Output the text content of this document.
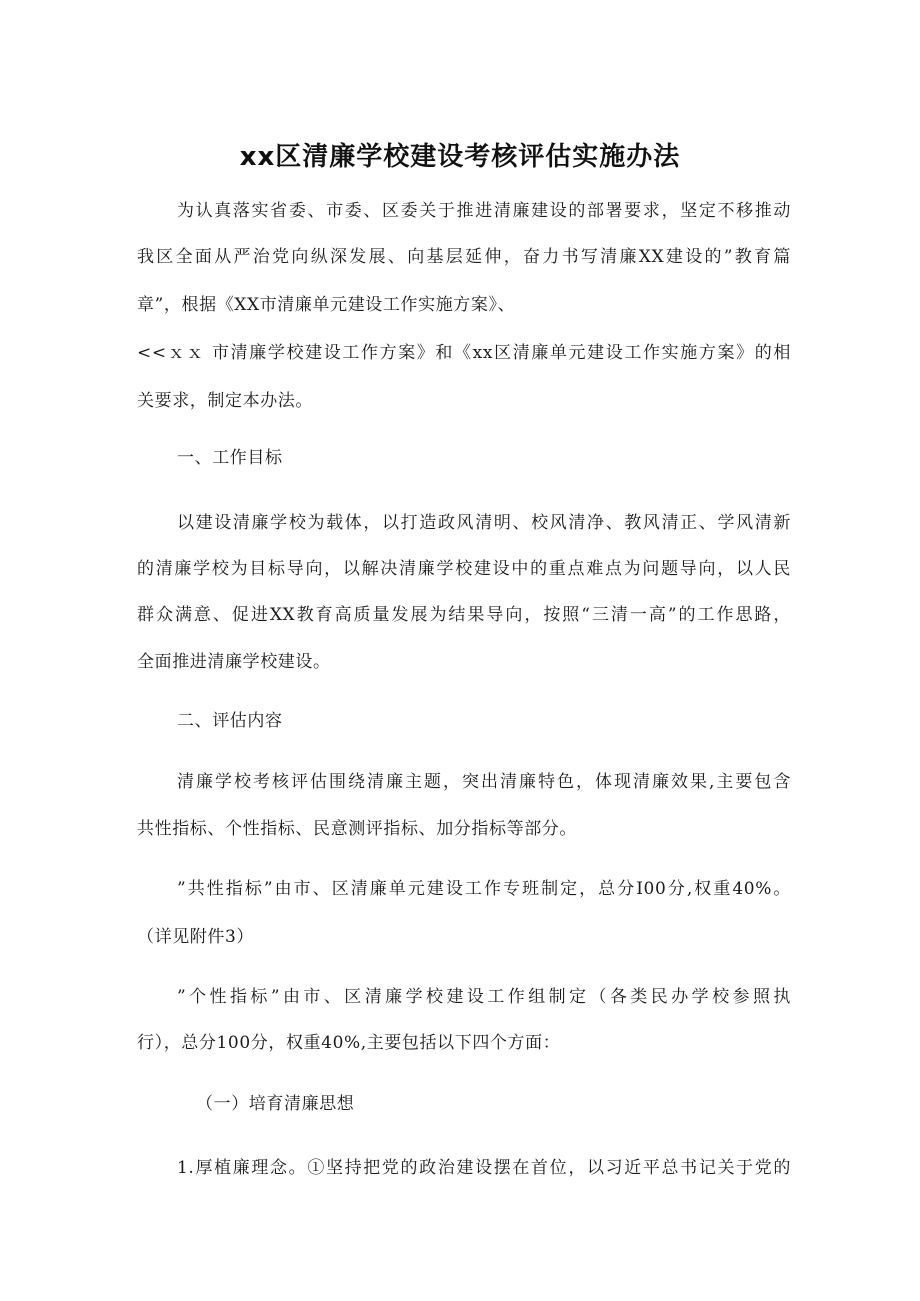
xx区清廉学校建设考核评估实施办法
为认真落实省委、市委、区委关于推进清廉建设的部署要求，坚定不移推动
我区全面从严治党向纵深发展、向基层延伸，奋力书写清廉XX建设的”教育篇
章”，根据《XX市清廉单元建设工作实施方案》、
<<ｘｘ 市清廉学校建设工作方案》和《xx区清廉单元建设工作实施方案》的相
关要求，制定本办法。
一、工作目标
以建设清廉学校为载体，以打造政风清明、校风清净、教风清正、学风清新
的清廉学校为目标导向，以解决清廉学校建设中的重点难点为问题导向，以人民
群众满意、促进XX教育高质量发展为结果导向，按照“三清一高”的工作思路，
全面推进清廉学校建设。
二、评估内容
清廉学校考核评估围绕清廉主题，突出清廉特色，体现清廉效果,主要包含
共性指标、个性指标、民意测评指标、加分指标等部分。
”共性指标”由市、区清廉单元建设工作专班制定，总分I00分,权重40%。
（详见附件3）
”个性指标”由市、区清廉学校建设工作组制定（各类民办学校参照执
行），总分100分，权重40%,主要包括以下四个方面：
（一）培育清廉思想
1.厚植廉理念。①坚持把党的政治建设摆在首位，以习近平总书记关于党的
